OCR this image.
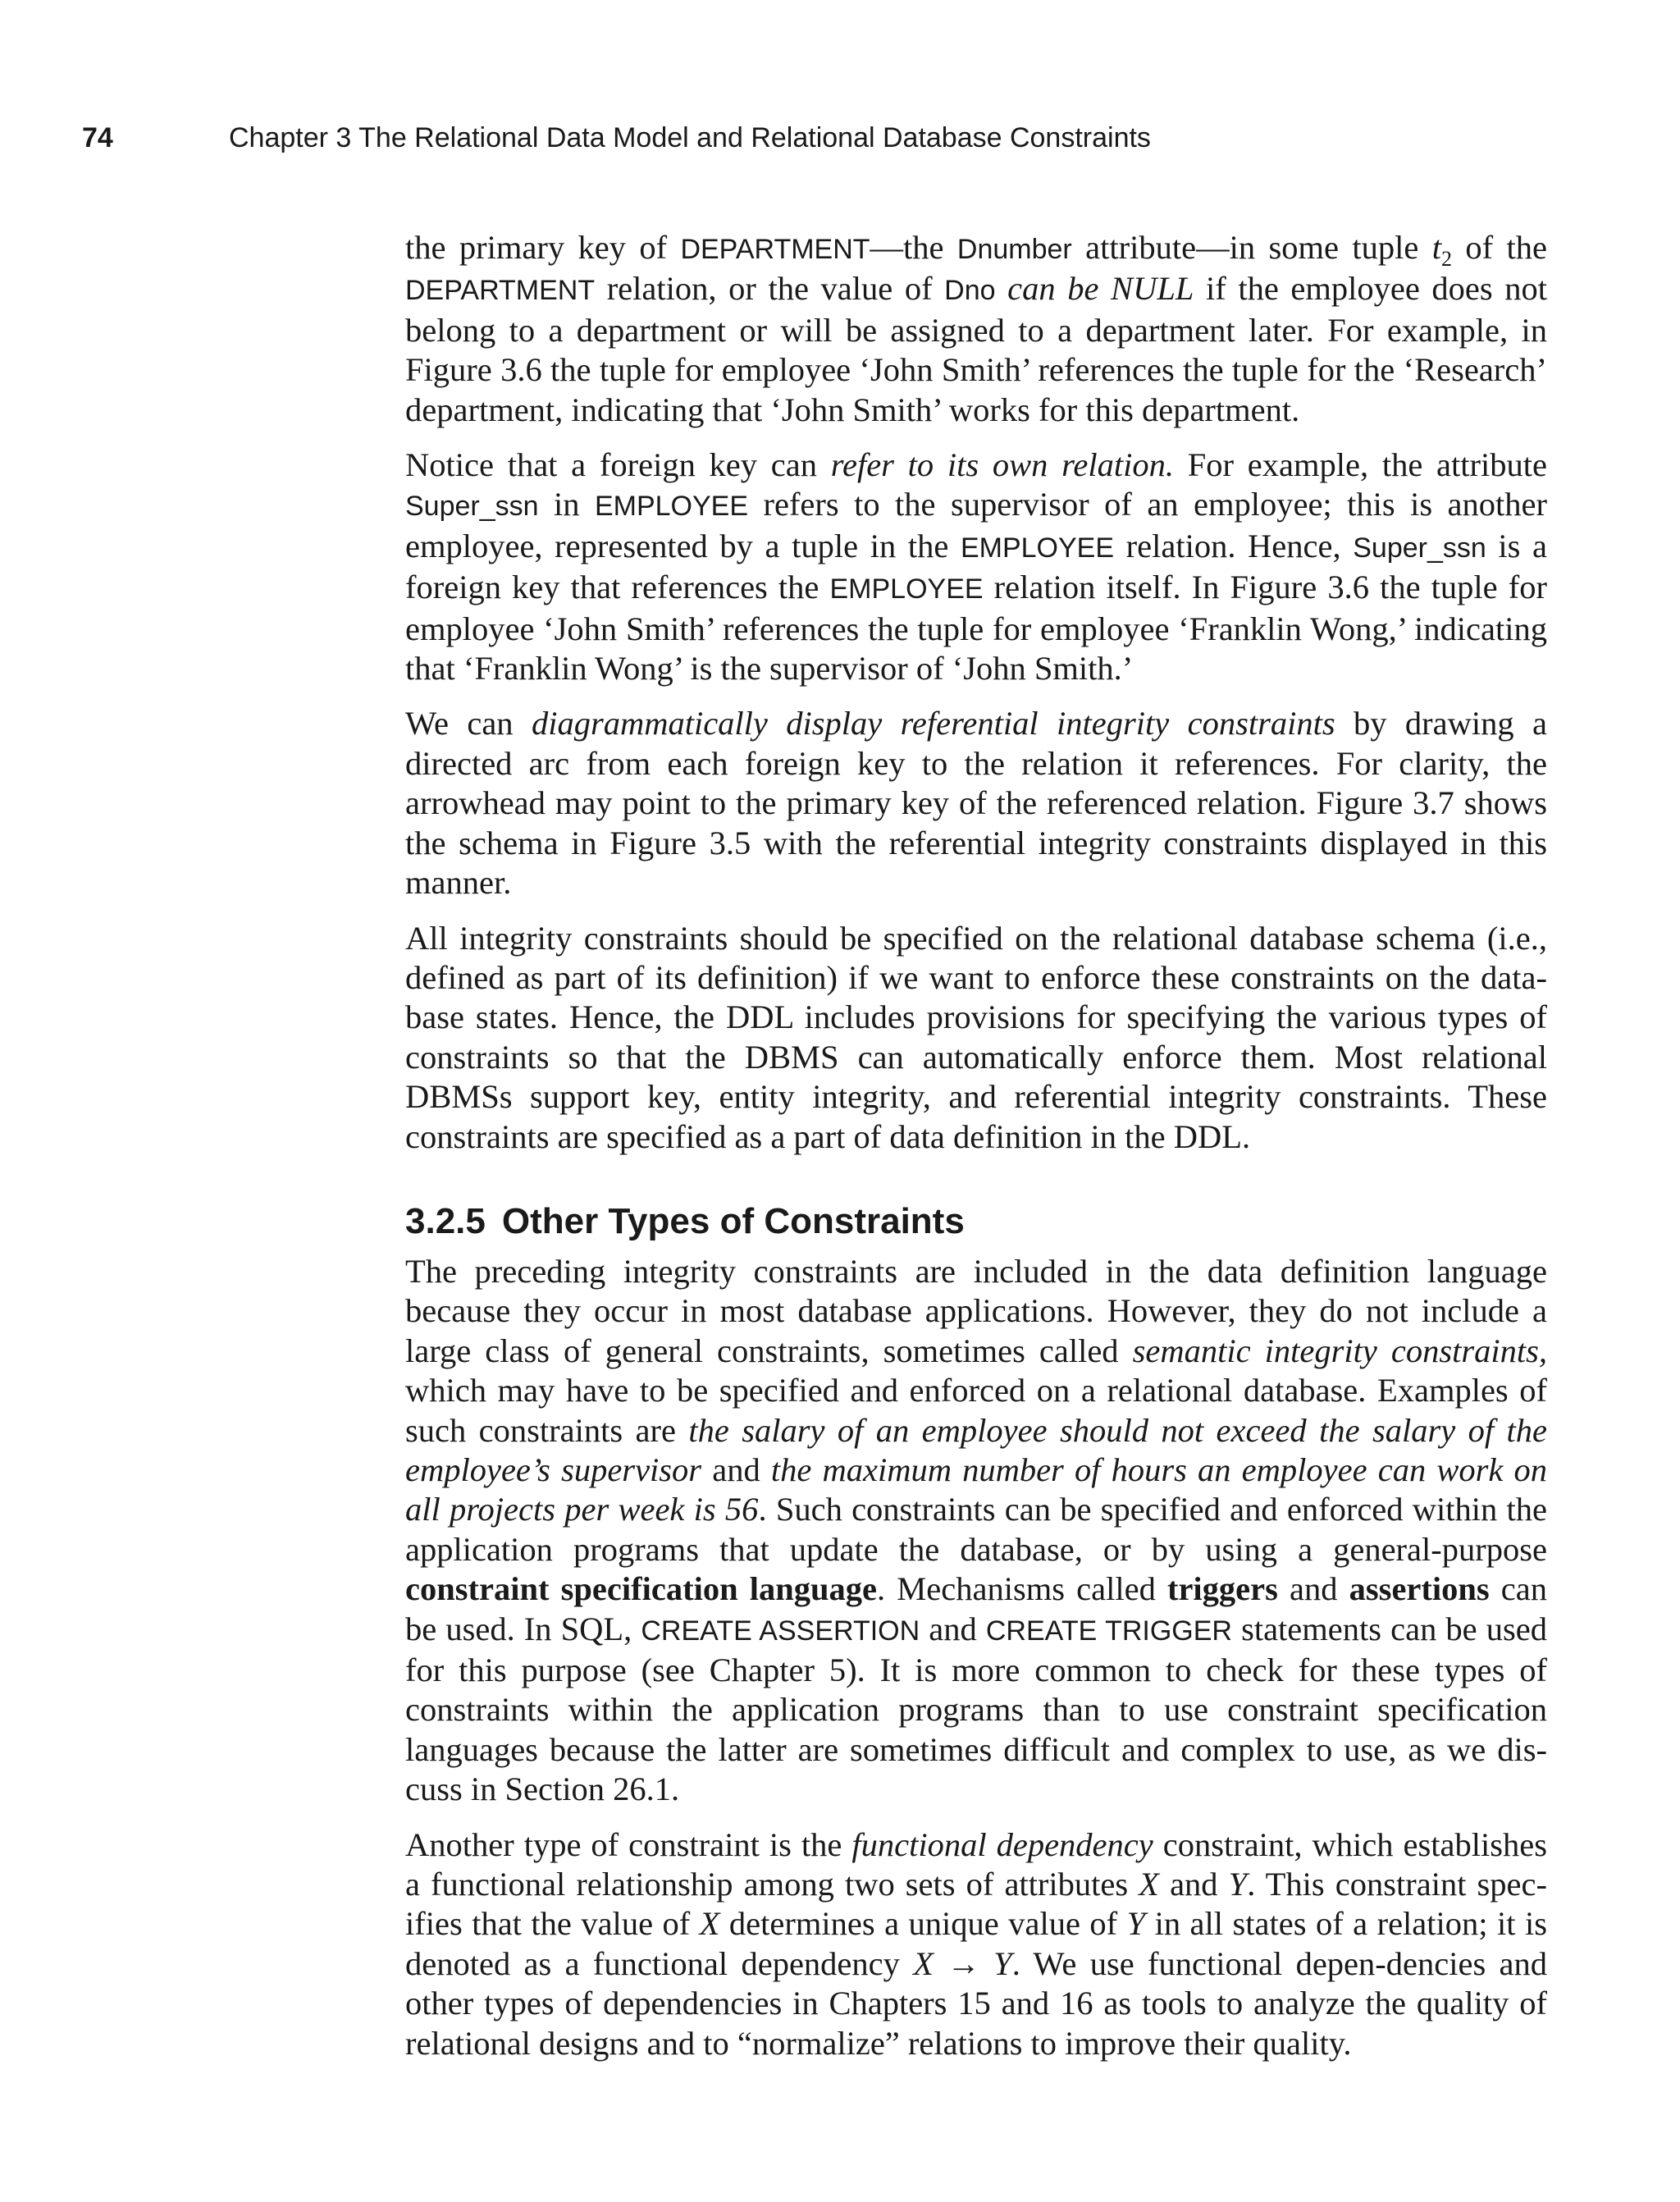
74	Chapter 3 The Relational Data Model and Relational Database Constraints

the primary key of DEPARTMENT—the Dnumber attribute—in some tuple $t_2$ of the DEPARTMENT relation, or the value of Dno can be NULL if the employee does not belong to a department or will be assigned to a department later. For example, in Figure 3.6 the tuple for employee ‘John Smith’ references the tuple for the ‘Research’ department, indicating that ‘John Smith’ works for this department.

Notice that a foreign key can refer to its own relation. For example, the attribute Super_ssn in EMPLOYEE refers to the supervisor of an employee; this is another employee, represented by a tuple in the EMPLOYEE relation. Hence, Super_ssn is a foreign key that references the EMPLOYEE relation itself. In Figure 3.6 the tuple for employee ‘John Smith’ references the tuple for employee ‘Franklin Wong,’ indicating that ‘Franklin Wong’ is the supervisor of ‘John Smith.’

We can diagrammatically display referential integrity constraints by drawing a directed arc from each foreign key to the relation it references. For clarity, the arrowhead may point to the primary key of the referenced relation. Figure 3.7 shows the schema in Figure 3.5 with the referential integrity constraints displayed in this manner.

All integrity constraints should be specified on the relational database schema (i.e., defined as part of its definition) if we want to enforce these constraints on the data-base states. Hence, the DDL includes provisions for specifying the various types of constraints so that the DBMS can automatically enforce them. Most relational DBMSs support key, entity integrity, and referential integrity constraints. These constraints are specified as a part of data definition in the DDL.

3.2.5 Other Types of Constraints

The preceding integrity constraints are included in the data definition language because they occur in most database applications. However, they do not include a large class of general constraints, sometimes called semantic integrity constraints, which may have to be specified and enforced on a relational database. Examples of such constraints are the salary of an employee should not exceed the salary of the employee’s supervisor and the maximum number of hours an employee can work on all projects per week is 56. Such constraints can be specified and enforced within the application programs that update the database, or by using a general-purpose constraint specification language. Mechanisms called triggers and assertions can be used. In SQL, CREATE ASSERTION and CREATE TRIGGER statements can be used for this purpose (see Chapter 5). It is more common to check for these types of constraints within the application programs than to use constraint specification languages because the latter are sometimes difficult and complex to use, as we dis-cuss in Section 26.1.

Another type of constraint is the functional dependency constraint, which establishes a functional relationship among two sets of attributes X and Y. This constraint spec-ifies that the value of X determines a unique value of Y in all states of a relation; it is denoted as a functional dependency X → Y. We use functional depen-dencies and other types of dependencies in Chapters 15 and 16 as tools to analyze the quality of relational designs and to “normalize” relations to improve their quality.
